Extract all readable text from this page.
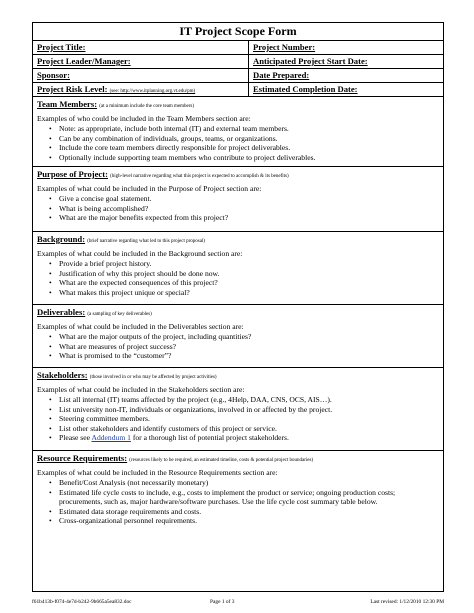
IT Project Scope Form
Project Title:	Project Number:
Project Leader/Manager:	Anticipated Project Start Date:
Sponsor:	Date Prepared:
Project Risk Level: (see: http://www.itplanning.org.vt.edu/pm)	Estimated Completion Date:
Team Members: (at a minimum include the core team members)
Examples of who could be included in the Team Members section are:
• Note: as appropriate, include both internal (IT) and external team members.
• Can be any combination of individuals, groups, teams, or organizations.
• Include the core team members directly responsible for project deliverables.
• Optionally include supporting team members who contribute to project deliverables.
Purpose of Project: (high-level narrative regarding what this project is expected to accomplish & its benefits)
Examples of what could be included in the Purpose of Project section are:
• Give a concise goal statement.
• What is being accomplished?
• What are the major benefits expected from this project?
Background: (brief narrative regarding what led to this project proposal)
Examples of what could be included in the Background section are:
• Provide a brief project history.
• Justification of why this project should be done now.
• What are the expected consequences of this project?
• What makes this project unique or special?
Deliverables: (a sampling of key deliverables)
Examples of what could be included in the Deliverables section are:
• What are the major outputs of the project, including quantities?
• What are measures of project success?
• What is promised to the “customer”?
Stakeholders: (those involved in or who may be affected by project activities)
Examples of what could be included in the Stakeholders section are:
• List all internal (IT) teams affected by the project (e.g., 4Help, DAA, CNS, OCS, AIS…).
• List university non-IT, individuals or organizations, involved in or affected by the project.
• Steering committee members.
• List other stakeholders and identify customers of this project or service.
• Please see Addendum 1 for a thorough list of potential project stakeholders.
Resource Requirements: (resources likely to be required, an estimated timeline, costs & potential project boundaries)
Examples of what could be included in the Resource Requirements section are:
• Benefit/Cost Analysis (not necessarily monetary)
• Estimated life cycle costs to include, e.g., costs to implement the product or service; ongoing production costs; procurements, such as, major hardware/software purchases. Use the life cycle cost summary table below.
• Estimated data storage requirements and costs.
• Cross-organizational personnel requirements.
f61b413b-f074-4e7d-b242-9b665a5ea832.doc	Page 1 of 3	Last revised: 1/12/2010 12:30 PM
